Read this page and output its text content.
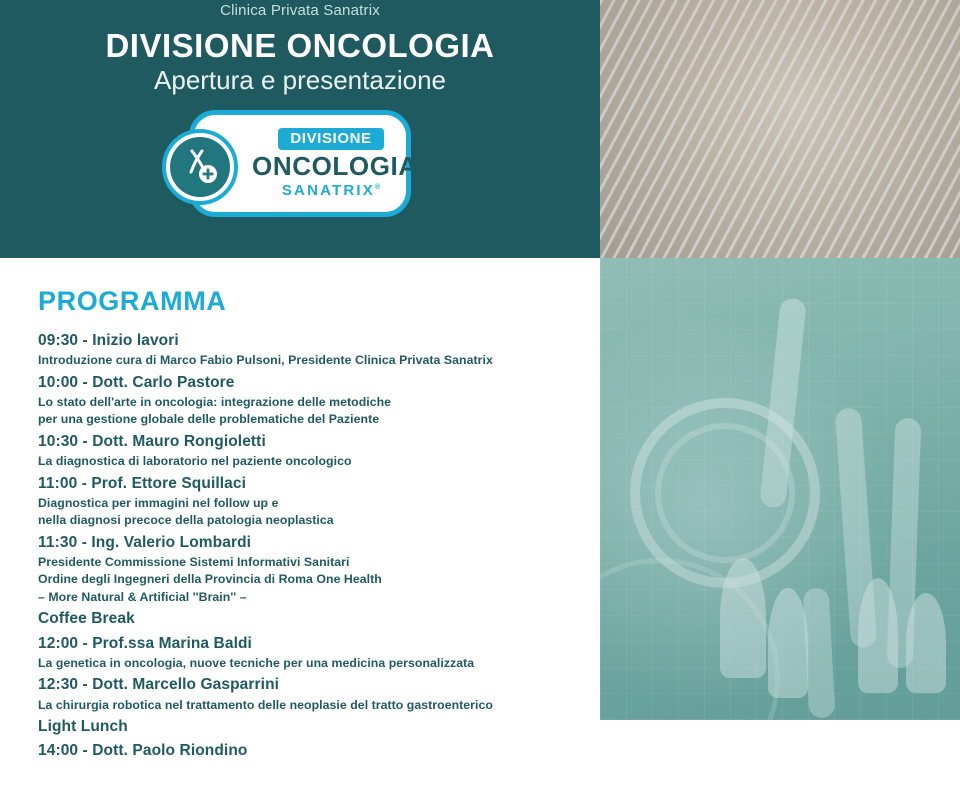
Clinica Privata Sanatrix
DIVISIONE ONCOLOGIA
Apertura e presentazione
DIVISIONE
ONCOLOGIA
SANATRIX®
PROGRAMMA
09:30 - Inizio lavori
Introduzione cura di Marco Fabio Pulsoni, Presidente Clinica Privata Sanatrix
10:00 - Dott. Carlo Pastore
Lo stato dell'arte in oncologia: integrazione delle metodiche
per una gestione globale delle problematiche del Paziente
10:30 - Dott. Mauro Rongioletti
La diagnostica di laboratorio nel paziente oncologico
11:00 - Prof. Ettore Squillaci
Diagnostica per immagini nel follow up e
nella diagnosi precoce della patologia neoplastica
11:30 - Ing. Valerio Lombardi
Presidente Commissione Sistemi Informativi Sanitari
Ordine degli Ingegneri della Provincia di Roma One Health
– More Natural & Artificial ''Brain'' –
Coffee Break
12:00 - Prof.ssa Marina Baldi
La genetica in oncologia, nuove tecniche per una medicina personalizzata
12:30 - Dott. Marcello Gasparrini
La chirurgia robotica nel trattamento delle neoplasie del tratto gastroenterico
Light Lunch
14:00 - Dott. Paolo Riondino
